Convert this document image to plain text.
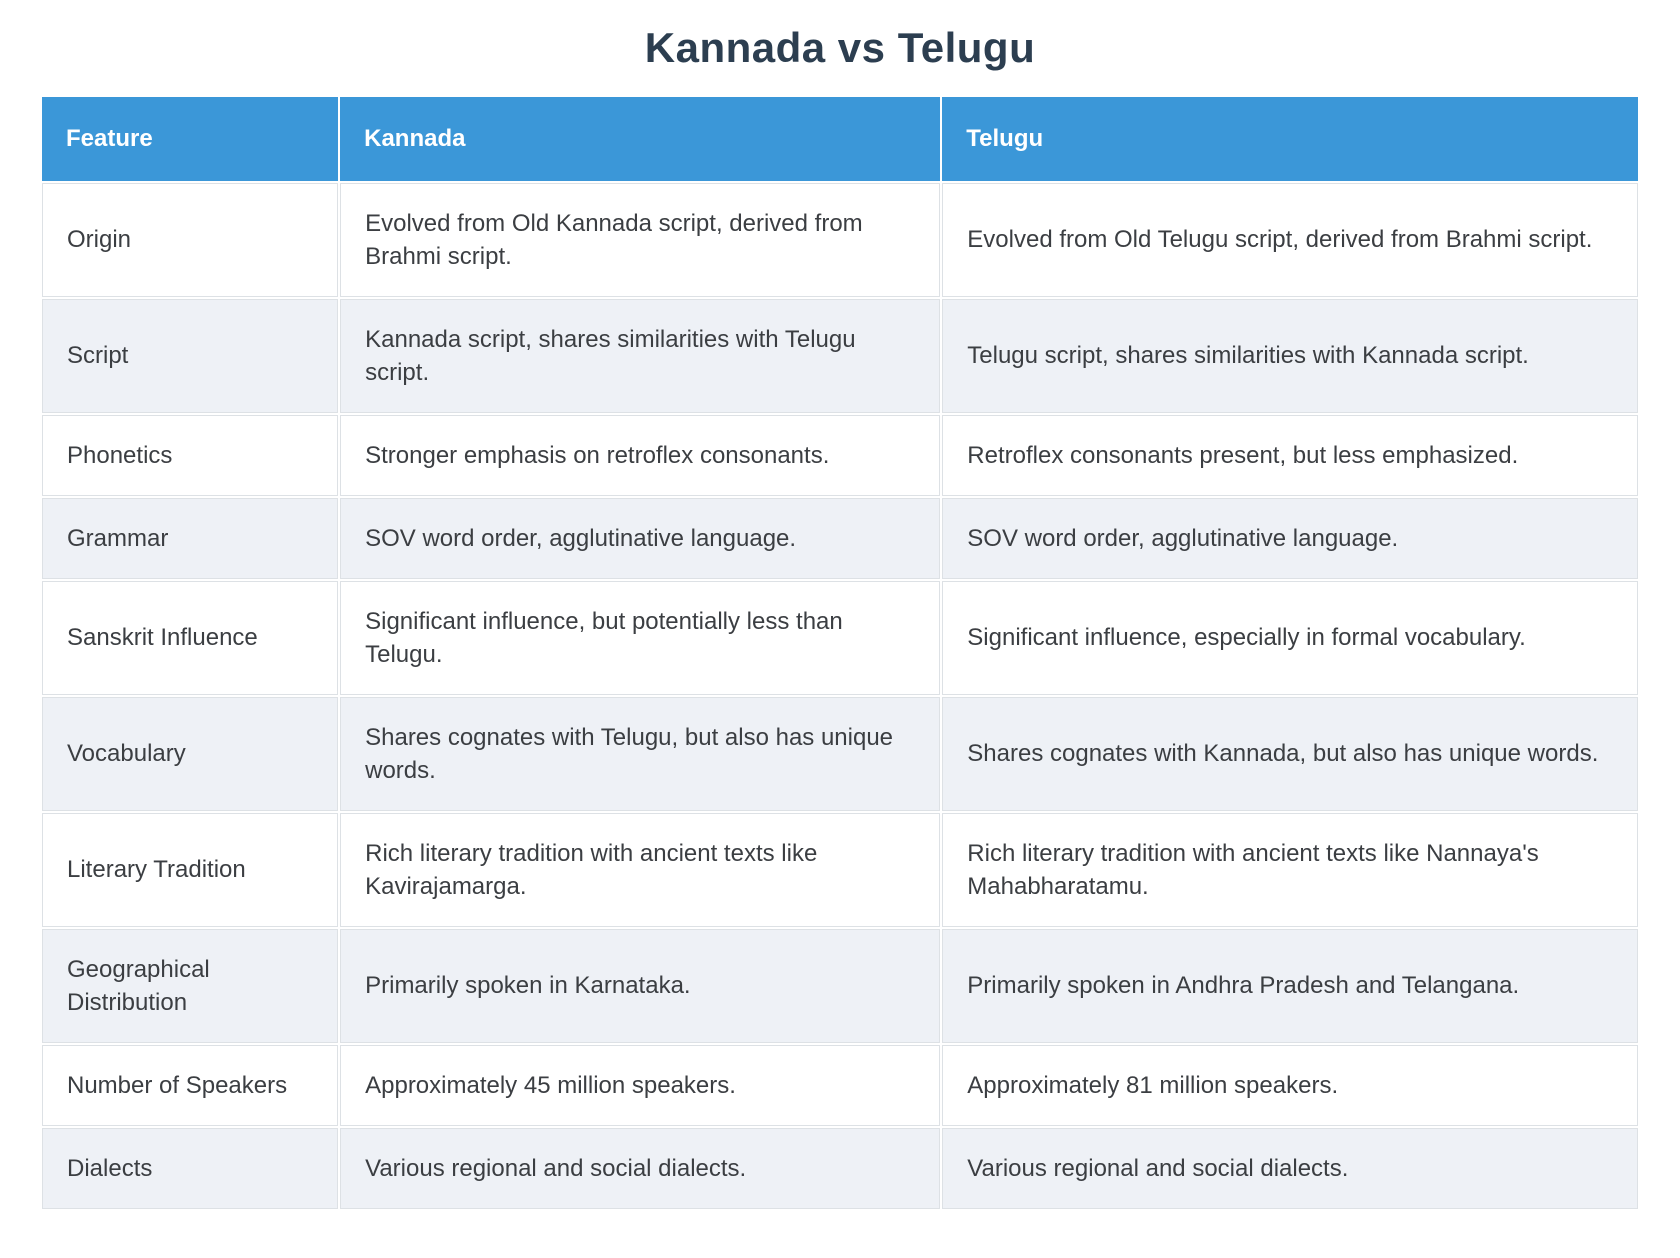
Kannada vs Telugu
Feature	Kannada	Telugu
Origin	Evolved from Old Kannada script, derived from Brahmi script.	Evolved from Old Telugu script, derived from Brahmi script.
Script	Kannada script, shares similarities with Telugu script.	Telugu script, shares similarities with Kannada script.
Phonetics	Stronger emphasis on retroflex consonants.	Retroflex consonants present, but less emphasized.
Grammar	SOV word order, agglutinative language.	SOV word order, agglutinative language.
Sanskrit Influence	Significant influence, but potentially less than Telugu.	Significant influence, especially in formal vocabulary.
Vocabulary	Shares cognates with Telugu, but also has unique words.	Shares cognates with Kannada, but also has unique words.
Literary Tradition	Rich literary tradition with ancient texts like Kavirajamarga.	Rich literary tradition with ancient texts like Nannaya's Mahabharatamu.
Geographical Distribution	Primarily spoken in Karnataka.	Primarily spoken in Andhra Pradesh and Telangana.
Number of Speakers	Approximately 45 million speakers.	Approximately 81 million speakers.
Dialects	Various regional and social dialects.	Various regional and social dialects.
